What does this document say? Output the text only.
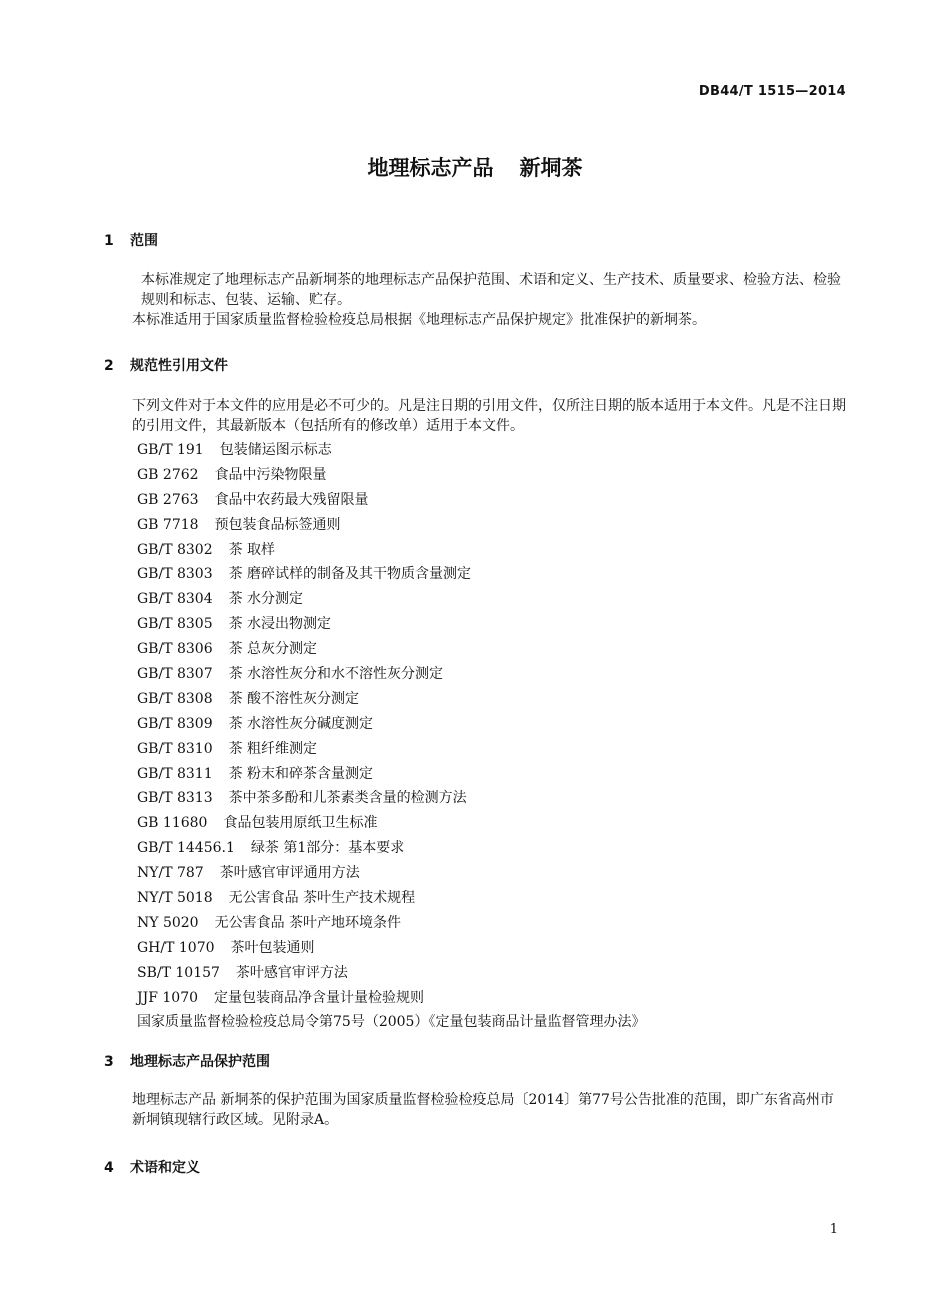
DB44/T 1515—2014
地理标志产品 新垌茶
1 范围

本标准规定了地理标志产品新垌茶的地理标志产品保护范围、术语和定义、生产技术、质量要求、检验方法、检验规则和标志、包装、运输、贮存。

本标准适用于国家质量监督检验检疫总局根据《地理标志产品保护规定》批准保护的新垌茶。

2 规范性引用文件

下列文件对于本文件的应用是必不可少的。凡是注日期的引用文件，仅所注日期的版本适用于本文件。凡是不注日期的引用文件，其最新版本（包括所有的修改单）适用于本文件。

GB/T 191 包装储运图示标志
GB 2762 食品中污染物限量
GB 2763 食品中农药最大残留限量
GB 7718 预包装食品标签通则
GB/T 8302 茶 取样
GB/T 8303 茶 磨碎试样的制备及其干物质含量测定
GB/T 8304 茶 水分测定
GB/T 8305 茶 水浸出物测定
GB/T 8306 茶 总灰分测定
GB/T 8307 茶 水溶性灰分和水不溶性灰分测定
GB/T 8308 茶 酸不溶性灰分测定
GB/T 8309 茶 水溶性灰分碱度测定
GB/T 8310 茶 粗纤维测定
GB/T 8311 茶 粉末和碎茶含量测定
GB/T 8313 茶中茶多酚和儿茶素类含量的检测方法
GB 11680 食品包装用原纸卫生标准
GB/T 14456.1 绿茶 第1部分：基本要求
NY/T 787 茶叶感官审评通用方法
NY/T 5018 无公害食品 茶叶生产技术规程
NY 5020 无公害食品 茶叶产地环境条件
GH/T 1070 茶叶包装通则
SB/T 10157 茶叶感官审评方法
JJF 1070 定量包装商品净含量计量检验规则
国家质量监督检验检疫总局令第75号（2005）《定量包装商品计量监督管理办法》
3 地理标志产品保护范围

地理标志产品 新垌茶的保护范围为国家质量监督检验检疫总局〔2014〕第77号公告批准的范围，即广东省高州市新垌镇现辖行政区域。见附录A。

4 术语和定义
1
